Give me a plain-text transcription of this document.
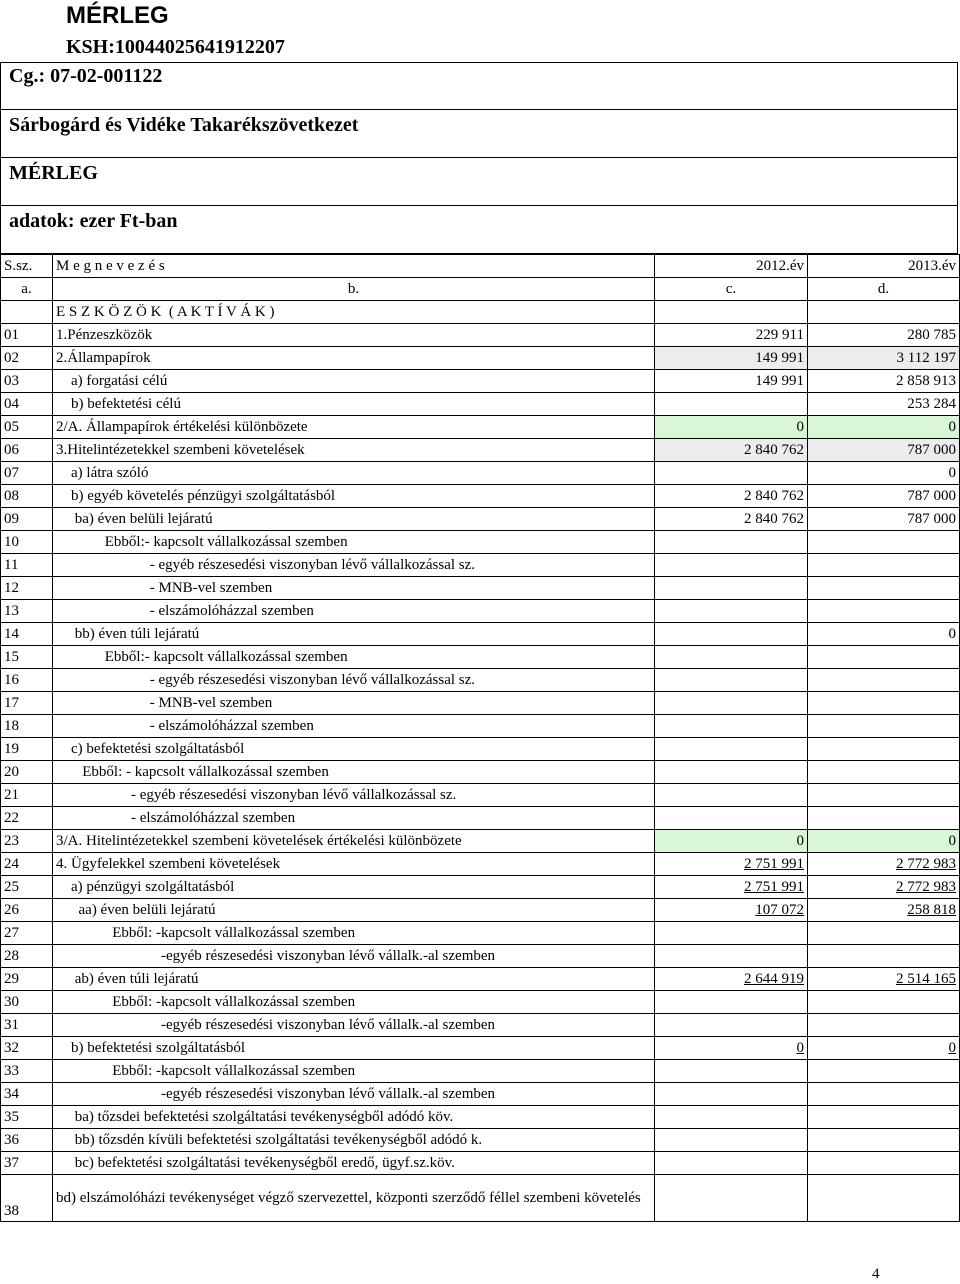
MÉRLEG
KSH:10044025641912207
Cg.: 07-02-001122
Sárbogárd és Vidéke Takarékszövetkezet
MÉRLEG
adatok: ezer Ft-ban
S.sz.	M e g n e v e z é s	2012.év	2013.év
a.	b.	c.	d.
	E S Z K Ö Z Ö K  ( A K T Í V Á K )		
01	1.Pénzeszközök	229 911	280 785
02	2.Állampapírok	149 991	3 112 197
03	a) forgatási célú	149 991	2 858 913
04	b) befektetési célú		253 284
05	2/A. Állampapírok értékelési különbözete	0	0
06	3.Hitelintézetekkel szembeni követelések	2 840 762	787 000
07	a) látra szóló		0
08	b) egyéb követelés pénzügyi szolgáltatásból	2 840 762	787 000
09	ba) éven belüli lejáratú	2 840 762	787 000
10	Ebből:- kapcsolt vállalkozással szemben		
11	- egyéb részesedési viszonyban lévő vállalkozással sz.		
12	- MNB-vel szemben		
13	- elszámolóházzal szemben		
14	bb) éven túli lejáratú		0
15	Ebből:- kapcsolt vállalkozással szemben		
16	- egyéb részesedési viszonyban lévő vállalkozással sz.		
17	- MNB-vel szemben		
18	- elszámolóházzal szemben		
19	c) befektetési szolgáltatásból		
20	Ebből: - kapcsolt vállalkozással szemben		
21	- egyéb részesedési viszonyban lévő vállalkozással sz.		
22	- elszámolóházzal szemben		
23	3/A. Hitelintézetekkel szembeni követelések értékelési különbözete	0	0
24	4. Ügyfelekkel szembeni követelések	2 751 991	2 772 983
25	a) pénzügyi szolgáltatásból	2 751 991	2 772 983
26	aa) éven belüli lejáratú	107 072	258 818
27	Ebből: -kapcsolt vállalkozással szemben		
28	-egyéb részesedési viszonyban lévő vállalk.-al szemben		
29	ab) éven túli lejáratú	2 644 919	2 514 165
30	Ebből: -kapcsolt vállalkozással szemben		
31	-egyéb részesedési viszonyban lévő vállalk.-al szemben		
32	b) befektetési szolgáltatásból	0	0
33	Ebből: -kapcsolt vállalkozással szemben		
34	-egyéb részesedési viszonyban lévő vállalk.-al szemben		
35	ba) tőzsdei befektetési szolgáltatási tevékenységből adódó köv.		
36	bb) tőzsdén kívüli befektetési szolgáltatási tevékenységből adódó k.		
37	bc) befektetési szolgáltatási tevékenységből eredő, ügyf.sz.köv.		
38	bd) elszámolóházi tevékenységet végző szervezettel, központi szerződő féllel szembeni követelés		
4
